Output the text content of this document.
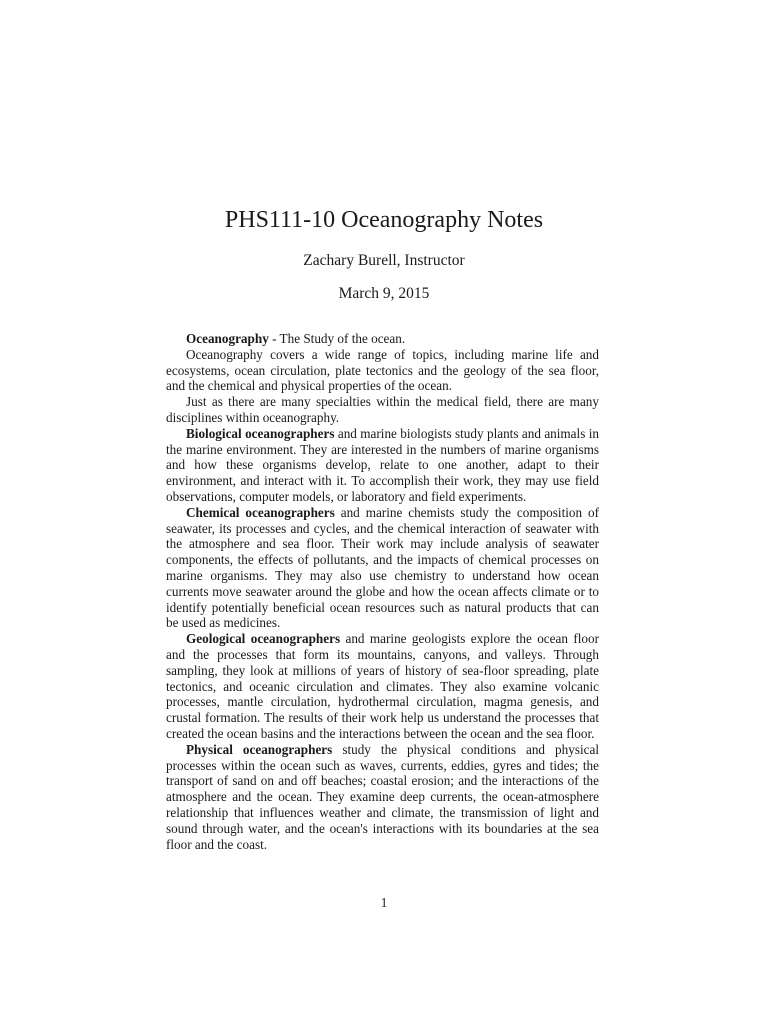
PHS111-10 Oceanography Notes
Zachary Burell, Instructor
March 9, 2015

Oceanography - The Study of the ocean.

Oceanography covers a wide range of topics, including marine life and ecosystems, ocean circulation, plate tectonics and the geology of the sea floor, and the chemical and physical properties of the ocean.

Just as there are many specialties within the medical field, there are many disciplines within oceanography.

Biological oceanographers and marine biologists study plants and animals in the marine environment. They are interested in the numbers of marine organisms and how these organisms develop, relate to one another, adapt to their environment, and interact with it. To accomplish their work, they may use field observations, computer models, or laboratory and field experiments.

Chemical oceanographers and marine chemists study the composition of seawater, its processes and cycles, and the chemical interaction of seawater with the atmosphere and sea floor. Their work may include analysis of seawater components, the effects of pollutants, and the impacts of chemical processes on marine organisms. They may also use chemistry to understand how ocean currents move seawater around the globe and how the ocean affects climate or to identify potentially beneficial ocean resources such as natural products that can be used as medicines.

Geological oceanographers and marine geologists explore the ocean floor and the processes that form its mountains, canyons, and valleys. Through sampling, they look at millions of years of history of sea-floor spreading, plate tectonics, and oceanic circulation and climates. They also examine volcanic processes, mantle circulation, hydrothermal circulation, magma genesis, and crustal formation. The results of their work help us understand the processes that created the ocean basins and the interactions between the ocean and the sea floor.

Physical oceanographers study the physical conditions and physical processes within the ocean such as waves, currents, eddies, gyres and tides; the transport of sand on and off beaches; coastal erosion; and the interactions of the atmosphere and the ocean. They examine deep currents, the ocean-atmosphere relationship that influences weather and climate, the transmission of light and sound through water, and the ocean's interactions with its boundaries at the sea floor and the coast.

1
